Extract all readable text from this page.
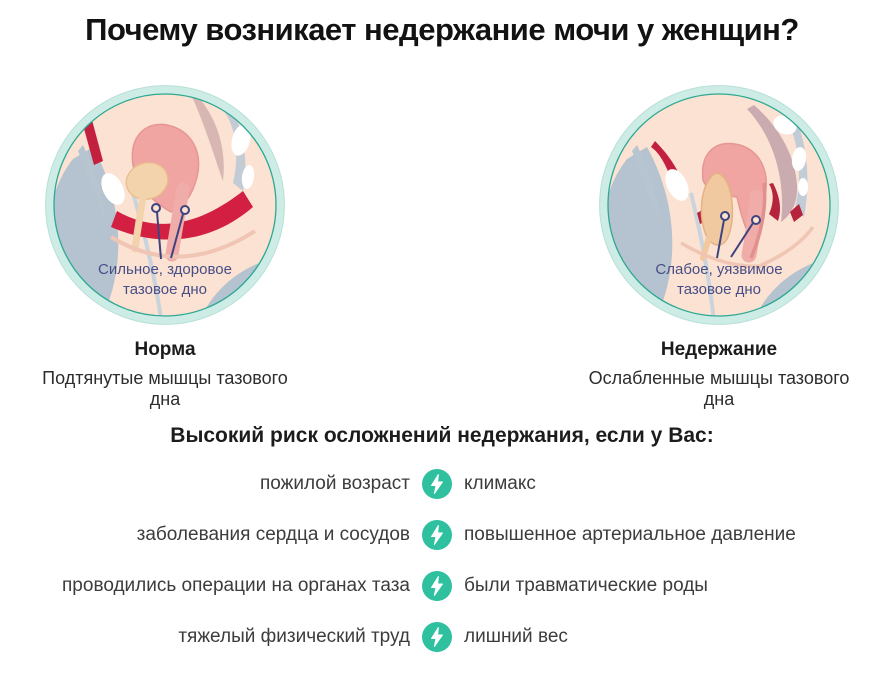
Почему возникает недержание мочи у женщин?
Сильное, здоровое тазовое дно
Норма
Подтянутые мышцы тазового дна
Слабое, уязвимое тазовое дно
Недержание
Ослабленные мышцы тазового дна

Высокий риск осложнений недержания, если у Вас:

пожилой возраст	климакс
заболевания сердца и сосудов	повышенное артериальное давление
проводились операции на органах таза	были травматические роды
тяжелый физический труд	лишний вес
